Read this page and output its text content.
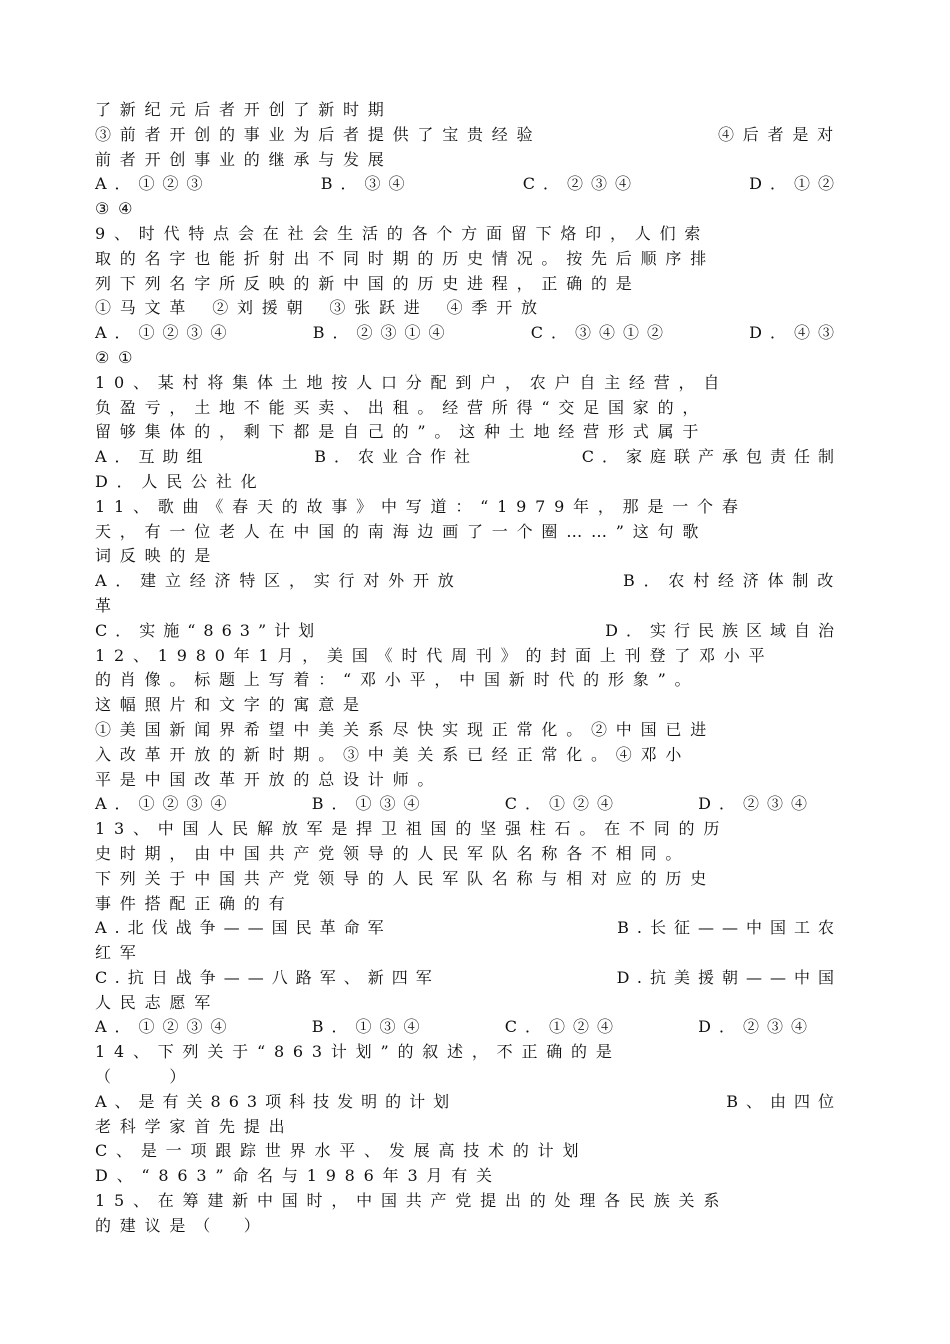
了新纪元后者开创了新时期
③前者开创的事业为后者提供了宝贵经验	④后者是对
前者开创事业的继承与发展
A．①②③	B．③④	C．②③④	D．①②
③④
9、时代特点会在社会生活的各个方面留下烙印，人们索
取的名字也能折射出不同时期的历史情况。按先后顺序排
列下列名字所反映的新中国的历史进程，正确的是
①马文革 ②刘援朝 ③张跃进 ④季开放
A．①②③④	B．②③①④	C．③④①②	D．④③
②①
10、某村将集体土地按人口分配到户，农户自主经营，自
负盈亏，土地不能买卖、出租。经营所得“交足国家的，
留够集体的，剩下都是自己的”。这种土地经营形式属于
A．互助组	B．农业合作社	C．家庭联产承包责任制
D．人民公社化
11、歌曲《春天的故事》中写道：“1979年，那是一个春
天，有一位老人在中国的南海边画了一个圈……”这句歌
词反映的是
A．建立经济特区，实行对外开放	B．农村经济体制改
革
C．实施“863”计划	D．实行民族区域自治
12、1980年1月，美国《时代周刊》的封面上刊登了邓小平
的肖像。标题上写着：“邓小平，中国新时代的形象”。
这幅照片和文字的寓意是
①美国新闻界希望中美关系尽快实现正常化。②中国已进
入改革开放的新时期。③中美关系已经正常化。④邓小
平是中国改革开放的总设计师。
A．①②③④	B．①③④	C．①②④	D．②③④
13、中国人民解放军是捍卫祖国的坚强柱石。在不同的历
史时期，由中国共产党领导的人民军队名称各不相同。
下列关于中国共产党领导的人民军队名称与相对应的历史
事件搭配正确的有
A.北伐战争——国民革命军	B.长征——中国工农
红军
C.抗日战争——八路军、新四军	D.抗美援朝——中国
人民志愿军
A．①②③④	B．①③④	C．①②④	D．②③④
14、下列关于“863计划”的叙述，不正确的是
（　　）
A、是有关863项科技发明的计划	B、由四位
老科学家首先提出
C、是一项跟踪世界水平、发展高技术的计划
D、“863”命名与1986年3月有关
15、在筹建新中国时，中国共产党提出的处理各民族关系
的建议是（　）
